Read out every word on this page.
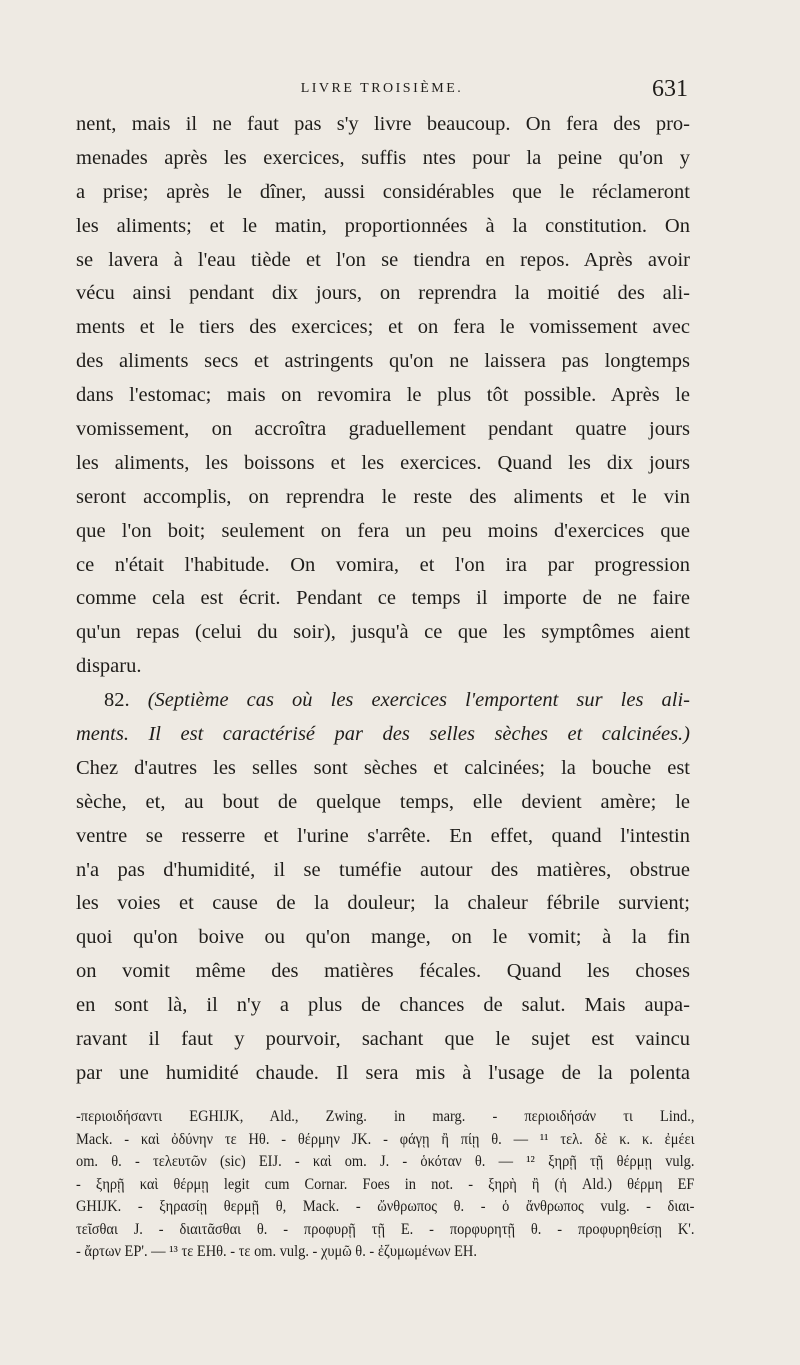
LIVRE TROISIÈME.	631
nent, mais il ne faut pas s'y livre beaucoup. On fera des pro-
menades après les exercices, suffis ntes pour la peine qu'on y
a prise; après le dîner, aussi considérables que le réclameront
les aliments; et le matin, proportionnées à la constitution. On
se lavera à l'eau tiède et l'on se tiendra en repos. Après avoir
vécu ainsi pendant dix jours, on reprendra la moitié des ali-
ments et le tiers des exercices; et on fera le vomissement avec
des aliments secs et astringents qu'on ne laissera pas longtemps
dans l'estomac; mais on revomira le plus tôt possible. Après le
vomissement, on accroîtra graduellement pendant quatre jours
les aliments, les boissons et les exercices. Quand les dix jours
seront accomplis, on reprendra le reste des aliments et le vin
que l'on boit; seulement on fera un peu moins d'exercices que
ce n'était l'habitude. On vomira, et l'on ira par progression
comme cela est écrit. Pendant ce temps il importe de ne faire
qu'un repas (celui du soir), jusqu'à ce que les symptômes aient
disparu.
82. (Septième cas où les exercices l'emportent sur les ali-
ments. Il est caractérisé par des selles sèches et calcinées.)
Chez d'autres les selles sont sèches et calcinées; la bouche est
sèche, et, au bout de quelque temps, elle devient amère; le
ventre se resserre et l'urine s'arrête. En effet, quand l'intestin
n'a pas d'humidité, il se tuméfie autour des matières, obstrue
les voies et cause de la douleur; la chaleur fébrile survient;
quoi qu'on boive ou qu'on mange, on le vomit; à la fin
on vomit même des matières fécales. Quand les choses
en sont là, il n'y a plus de chances de salut. Mais aupa-
ravant il faut y pourvoir, sachant que le sujet est vaincu
par une humidité chaude. Il sera mis à l'usage de la polenta
-περιοιδήσαντι EGHIJK, Ald., Zwing. in marg. - περιοιδήσάν τι Lind.,
Mack. - καὶ ὀδύνην τε Hθ. - θέρμην JK. - φάγῃ ἢ πίῃ θ. — ¹¹ τελ. δὲ κ. κ. ἐμέει
om. θ. - τελευτῶν (sic) EIJ. - καὶ om. J. - ὁκόταν θ. — ¹² ξηρῇ τῇ θέρμῃ vulg.
- ξηρῇ καὶ θέρμῃ legit cum Cornar. Foes in not. - ξηρὴ ἢ (ἡ Ald.) θέρμη EF
GHIJK. - ξηρασίῃ θερμῇ θ, Mack. - ὤνθρωπος θ. - ὁ ἄνθρωπος vulg. - διαι-
τεῖσθαι J. - διαιτᾶσθαι θ. - προφυρῇ τῇ E. - πορφυρητῇ θ. - προφυρηθείσῃ K'.
- ἄρτων EP'. — ¹³ τε EHθ. - τε om. vulg. - χυμῶ θ. - ἐζυμωμένων EH.
